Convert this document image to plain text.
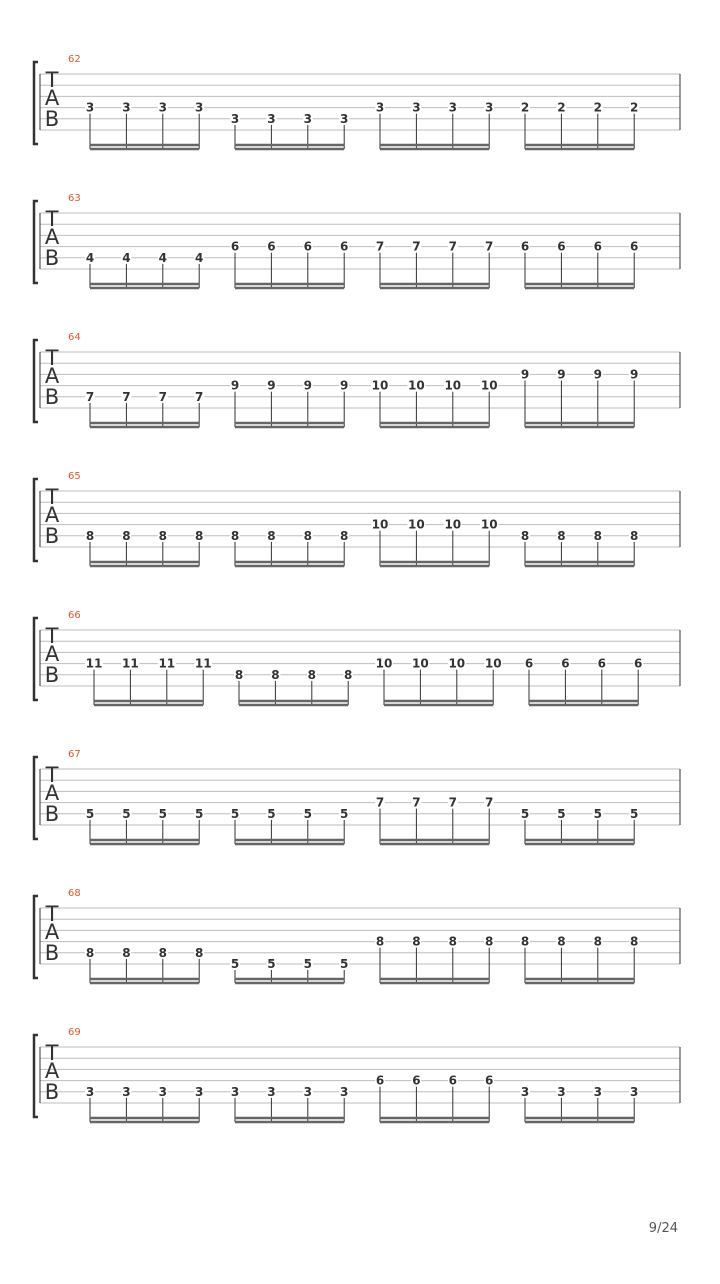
62
T
A
B 3 3 3 3
3 3 3 3
3 3 3 3 2 2 2 2
63
T
A
B 4 4 4 4
6 6 6 6 7 7 7 7 6 6 6 6
64
T
A
B 7 7 7 7
9 9 9 9 10 10 10 10
9 9 9 9
65
T
A
B 8 8 8 8 8 8 8 8
10 10 10 10
8 8 8 8
66
T
A
B 11 11 11 11
8 8 8 8
10 10 10 10 6 6 6 6
67
T
A
B 5 5 5 5 5 5 5 5
7 7 7 7
5 5 5 5
68
T
A
B 8 8 8 8
5 5 5 5
8 8 8 8 8 8 8 8
69
T
A
B 3 3 3 3 3 3 3 3
6 6 6 6
3 3 3 3
9/24
